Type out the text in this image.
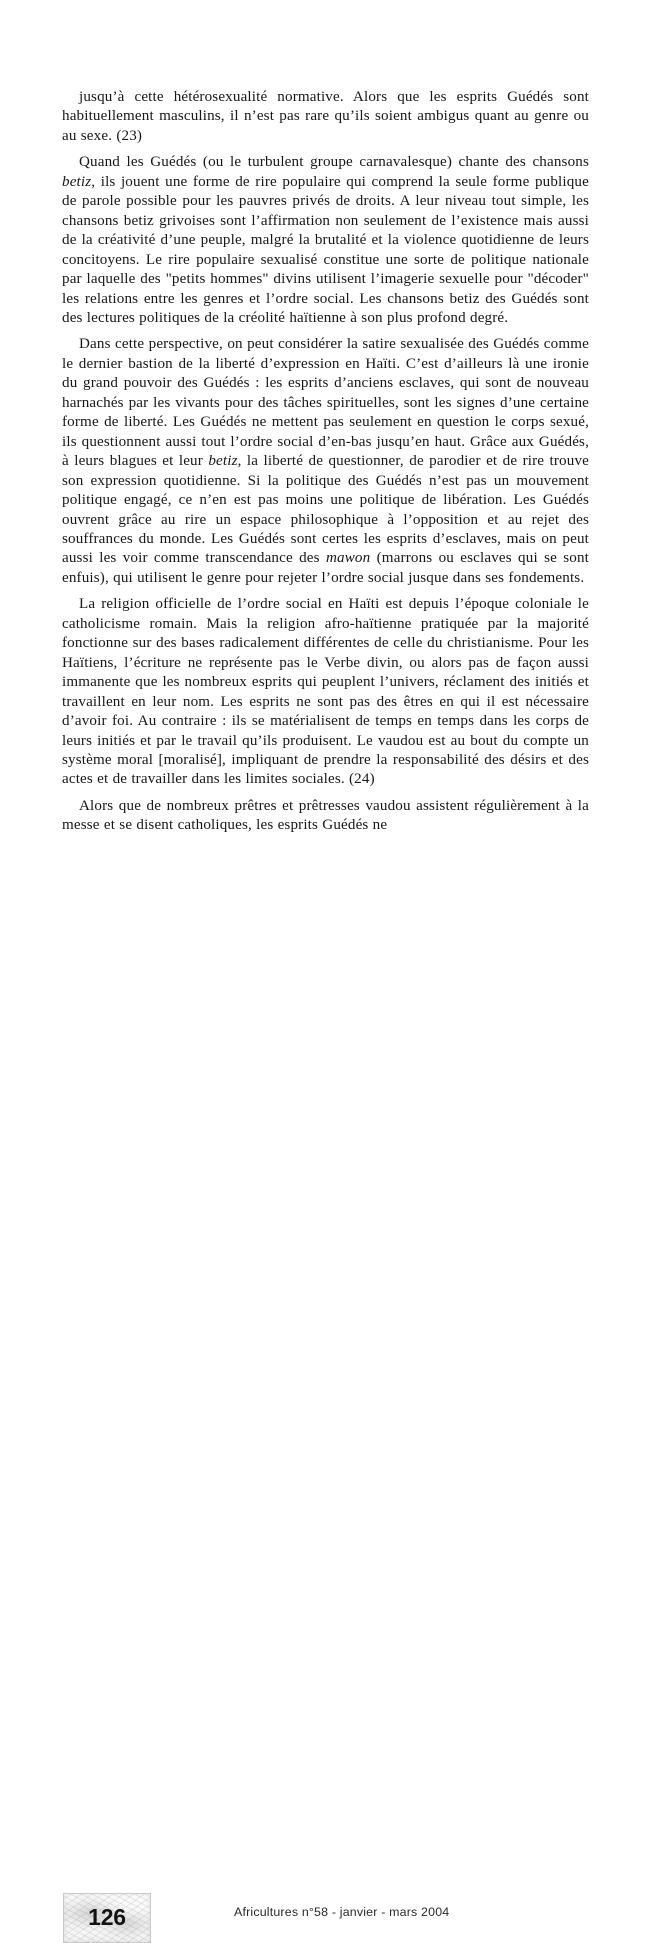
jusqu’à cette hétérosexualité normative. Alors que les esprits Guédés sont habituellement masculins, il n’est pas rare qu’ils soient ambigus quant au genre ou au sexe. (23)

Quand les Guédés (ou le turbulent groupe carnavalesque) chante des chansons betiz, ils jouent une forme de rire populaire qui comprend la seule forme publique de parole possible pour les pauvres privés de droits. A leur niveau tout simple, les chansons betiz grivoises sont l’affirmation non seulement de l’existence mais aussi de la créativité d’une peuple, malgré la brutalité et la violence quotidienne de leurs concitoyens. Le rire populaire sexualisé constitue une sorte de politique nationale par laquelle des "petits hommes" divins utilisent l’imagerie sexuelle pour "décoder" les relations entre les genres et l’ordre social. Les chansons betiz des Guédés sont des lectures politiques de la créolité haïtienne à son plus profond degré.

Dans cette perspective, on peut considérer la satire sexualisée des Guédés comme le dernier bastion de la liberté d’expression en Haïti. C’est d’ailleurs là une ironie du grand pouvoir des Guédés : les esprits d’anciens esclaves, qui sont de nouveau harnachés par les vivants pour des tâches spirituelles, sont les signes d’une certaine forme de liberté. Les Guédés ne mettent pas seulement en question le corps sexué, ils questionnent aussi tout l’ordre social d’en-bas jusqu’en haut. Grâce aux Guédés, à leurs blagues et leur betiz, la liberté de questionner, de parodier et de rire trouve son expression quotidienne. Si la politique des Guédés n’est pas un mouvement politique engagé, ce n’en est pas moins une politique de libération. Les Guédés ouvrent grâce au rire un espace philosophique à l’opposition et au rejet des souffrances du monde. Les Guédés sont certes les esprits d’esclaves, mais on peut aussi les voir comme transcendance des mawon (marrons ou esclaves qui se sont enfuis), qui utilisent le genre pour rejeter l’ordre social jusque dans ses fondements.

La religion officielle de l’ordre social en Haïti est depuis l’époque coloniale le catholicisme romain. Mais la religion afro-haïtienne pratiquée par la majorité fonctionne sur des bases radicalement différentes de celle du christianisme. Pour les Haïtiens, l’écriture ne représente pas le Verbe divin, ou alors pas de façon aussi immanente que les nombreux esprits qui peuplent l’univers, réclament des initiés et travaillent en leur nom. Les esprits ne sont pas des êtres en qui il est nécessaire d’avoir foi. Au contraire : ils se matérialisent de temps en temps dans les corps de leurs initiés et par le travail qu’ils produisent. Le vaudou est au bout du compte un système moral [moralisé], impliquant de prendre la responsabilité des désirs et des actes et de travailler dans les limites sociales. (24)

Alors que de nombreux prêtres et prêtresses vaudou assistent régulièrement à la messe et se disent catholiques, les esprits Guédés ne

126	Africultures n°58 - janvier - mars 2004
